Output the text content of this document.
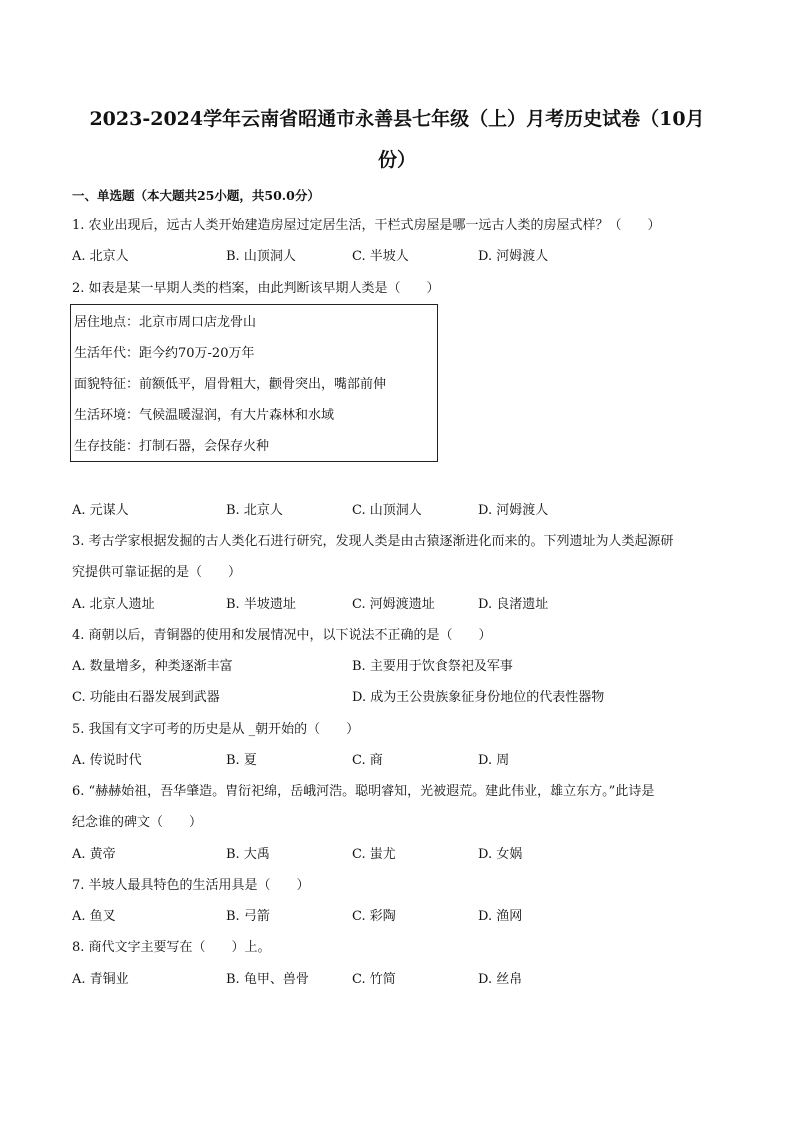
2023-2024学年云南省昭通市永善县七年级（上）月考历史试卷（10月
份）
一、单选题（本大题共25小题，共50.0分）
1. 农业出现后，远古人类开始建造房屋过定居生活，干栏式房屋是哪一远古人类的房屋式样？（　　）
A. 北京人	B. 山顶洞人	C. 半坡人	D. 河姆渡人
2. 如表是某一早期人类的档案，由此判断该早期人类是（　　）
居住地点：北京市周口店龙骨山
生活年代：距今约70万-20万年
面貌特征：前额低平，眉骨粗大，颧骨突出，嘴部前伸
生活环境：气候温暖湿润，有大片森林和水域
生存技能：打制石器，会保存火种
A. 元谋人	B. 北京人	C. 山顶洞人	D. 河姆渡人
3. 考古学家根据发掘的古人类化石进行研究，发现人类是由古猿逐渐进化而来的。下列遗址为人类起源研
究提供可靠证据的是（　　）
A. 北京人遗址	B. 半坡遗址	C. 河姆渡遗址	D. 良渚遗址
4. 商朝以后，青铜器的使用和发展情况中，以下说法不正确的是（　　）
A. 数量增多，种类逐渐丰富	B. 主要用于饮食祭祀及军事
C. 功能由石器发展到武器	D. 成为王公贵族象征身份地位的代表性器物
5. 我国有文字可考的历史是从 _朝开始的（　　）
A. 传说时代	B. 夏	C. 商	D. 周
6. “赫赫始祖，吾华肇造。胄衍祀绵，岳峨河浩。聪明睿知，光被遐荒。建此伟业，雄立东方。”此诗是
纪念谁的碑文（　　）
A. 黄帝	B. 大禹	C. 蚩尤	D. 女娲
7. 半坡人最具特色的生活用具是（　　）
A. 鱼叉	B. 弓箭	C. 彩陶	D. 渔网
8. 商代文字主要写在（　　）上。
A. 青铜业	B. 龟甲、兽骨	C. 竹简	D. 丝帛
